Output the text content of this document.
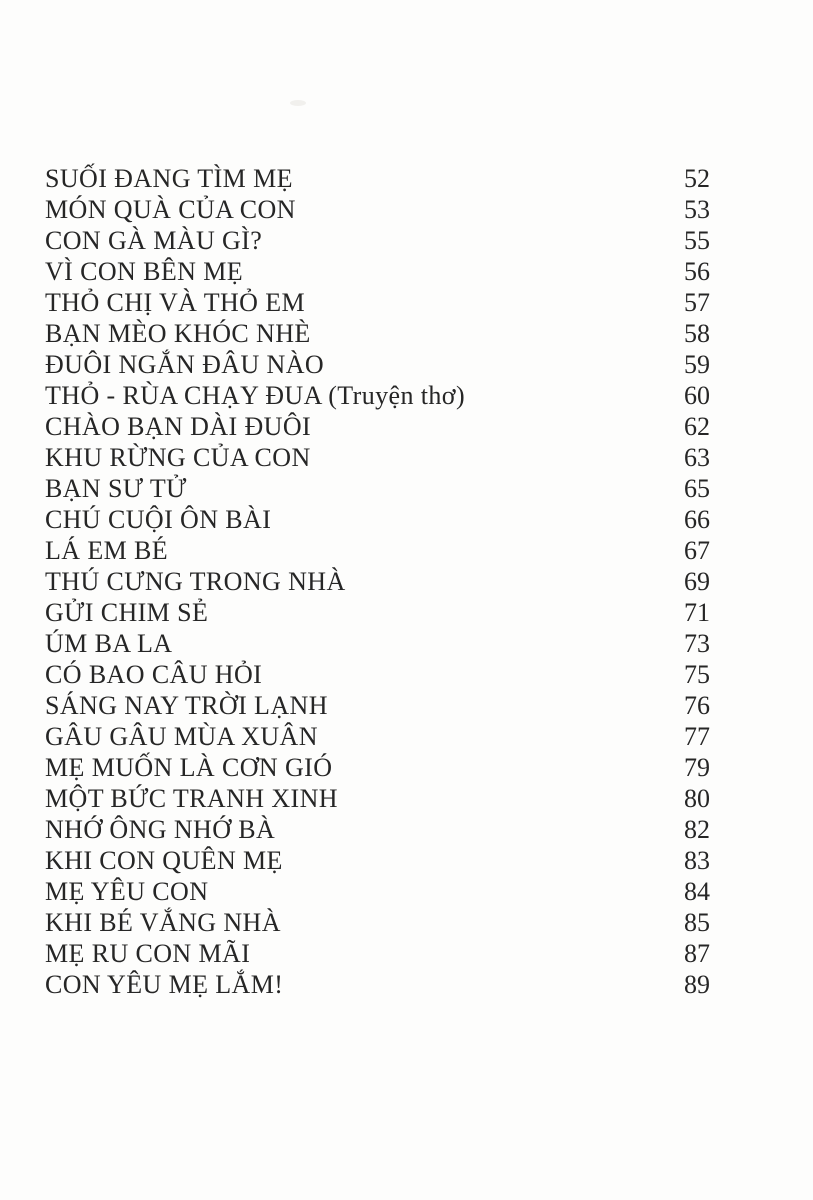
SUỐI ĐANG TÌM MẸ	52
MÓN QUÀ CỦA CON	53
CON GÀ MÀU GÌ?	55
VÌ CON BÊN MẸ	56
THỎ CHỊ VÀ THỎ EM	57
BẠN MÈO KHÓC NHÈ	58
ĐUÔI NGẮN ĐÂU NÀO	59
THỎ - RÙA CHẠY ĐUA (Truyện thơ)	60
CHÀO BẠN DÀI ĐUÔI	62
KHU RỪNG CỦA CON	63
BẠN SƯ TỬ	65
CHÚ CUỘI ÔN BÀI	66
LÁ EM BÉ	67
THÚ CƯNG TRONG NHÀ	69
GỬI CHIM SẺ	71
ÚM BA LA	73
CÓ BAO CÂU HỎI	75
SÁNG NAY TRỜI LẠNH	76
GÂU GÂU MÙA XUÂN	77
MẸ MUỐN LÀ CƠN GIÓ	79
MỘT BỨC TRANH XINH	80
NHỚ ÔNG NHỚ BÀ	82
KHI CON QUÊN MẸ	83
MẸ YÊU CON	84
KHI BÉ VẮNG NHÀ	85
MẸ RU CON MÃI	87
CON YÊU MẸ LẮM!	89
